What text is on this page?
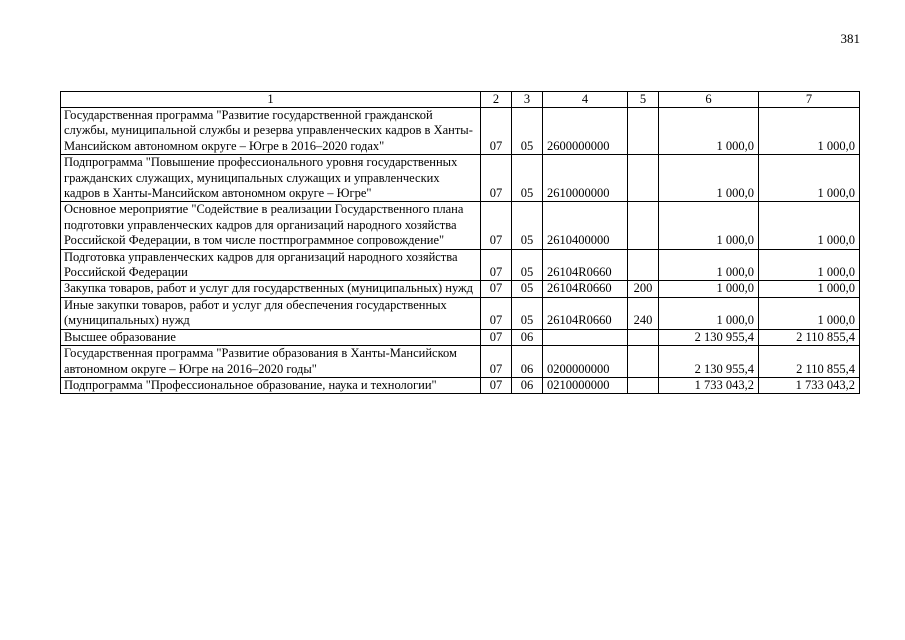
381
1	2	3	4	5	6	7
Государственная программа "Развитие государственной гражданской службы, муниципальной службы и резерва управленческих кадров в Ханты-Мансийском автономном округе – Югре в 2016–2020 годах"	07	05	2600000000		1 000,0	1 000,0
Подпрограмма "Повышение профессионального уровня государственных гражданских служащих, муниципальных служащих и управленческих кадров в Ханты-Мансийском автономном округе – Югре"	07	05	2610000000		1 000,0	1 000,0
Основное мероприятие "Содействие в реализации Государственного плана подготовки управленческих кадров для организаций народного хозяйства Российской Федерации, в том числе постпрограммное сопровождение"	07	05	2610400000		1 000,0	1 000,0
Подготовка управленческих кадров для организаций народного хозяйства Российской Федерации	07	05	26104R0660		1 000,0	1 000,0
Закупка товаров, работ и услуг для государственных (муниципальных) нужд	07	05	26104R0660	200	1 000,0	1 000,0
Иные закупки товаров, работ и услуг для обеспечения государственных (муниципальных) нужд	07	05	26104R0660	240	1 000,0	1 000,0
Высшее образование	07	06			2 130 955,4	2 110 855,4
Государственная программа "Развитие образования в Ханты-Мансийском автономном округе – Югре на 2016–2020 годы"	07	06	0200000000		2 130 955,4	2 110 855,4
Подпрограмма "Профессиональное образование, наука и технологии"	07	06	0210000000		1 733 043,2	1 733 043,2
